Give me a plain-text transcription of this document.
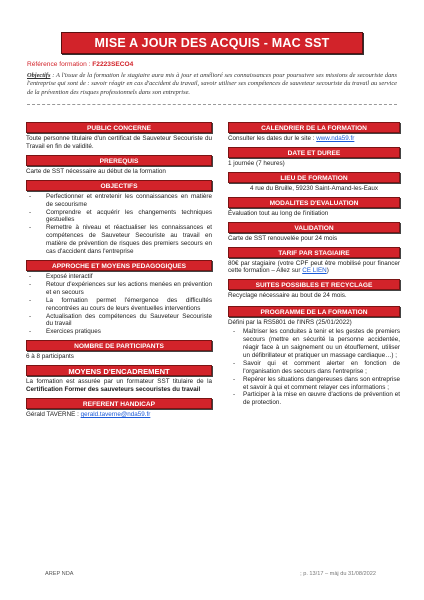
MISE A JOUR DES ACQUIS - MAC SST
Référence formation : F2223SECO4
Objectifs : A l'issue de la formation le stagiaire aura mis à jour et amélioré ses connaissances pour poursuivre ses missions de secouriste dans l'entreprise qui sont de : savoir réagir en cas d'accident du travail, savoir utiliser ses compétences de sauveteur secouriste du travail au service de la prévention des risques professionnels dans son entreprise.
PUBLIC CONCERNE
Toute personne titulaire d'un certificat de Sauveteur Secouriste du Travail en fin de validité.
PREREQUIS
Carte de SST nécessaire au début de la formation
OBJECTIFS
- Perfectionner et entretenir les connaissances en matière de secourisme
- Comprendre et acquérir les changements techniques gestuelles
- Remettre à niveau et réactualiser les connaissances et compétences de Sauveteur Secouriste au travail en matière de prévention de risques des premiers secours en cas d'accident dans l'entreprise
APPROCHE ET MOYENS PEDAGOGIQUES
- Exposé interactif
- Retour d'expériences sur les actions menées en prévention et en secours
- La formation permet l'émergence des difficultés rencontrées au cours de leurs éventuelles interventions
- Actualisation des compétences du Sauveteur Secouriste du travail
- Exercices pratiques
NOMBRE DE PARTICIPANTS
6 à 8 participants
MOYENS D'ENCADREMENT
La formation est assurée par un formateur SST titulaire de la Certification Former des sauveteurs secouristes du travail
REFERENT HANDICAP
Gérald TAVERNE : gerald.taverne@nda59.fr
CALENDRIER DE LA FORMATION
Consulter les dates dur le site : www.nda59.fr
DATE ET DUREE
1 journée (7 heures)
LIEU DE FORMATION
4 rue du Bruille, 59230 Saint-Amand-les-Eaux
MODALITES D'EVALUATION
Évaluation tout au long de l'initiation
VALIDATION
Carte de SST renouvelée pour 24 mois
TARIF PAR STAGIAIRE
80€ par stagiaire (votre CPF peut être mobilisé pour financer cette formation – Allez sur CE LIEN)
SUITES POSSIBLES ET RECYCLAGE
Recyclage nécessaire au bout de 24 mois.
PROGRAMME DE LA FORMATION
Défini par la RS5801 de l'INRS (25/01/2022)
- Maîtriser les conduites à tenir et les gestes de premiers secours (mettre en sécurité la personne accidentée, réagir face à un saignement ou un étouffement, utiliser un défibrillateur et pratiquer un massage cardiaque…) ;
- Savoir qui et comment alerter en fonction de l'organisation des secours dans l'entreprise ;
- Repérer les situations dangereuses dans son entreprise et savoir à qui et comment relayer ces informations ;
- Participer à la mise en œuvre d'actions de prévention et de protection.
AREP NDA	; p. 13/17 – màj du 31/08/2022
